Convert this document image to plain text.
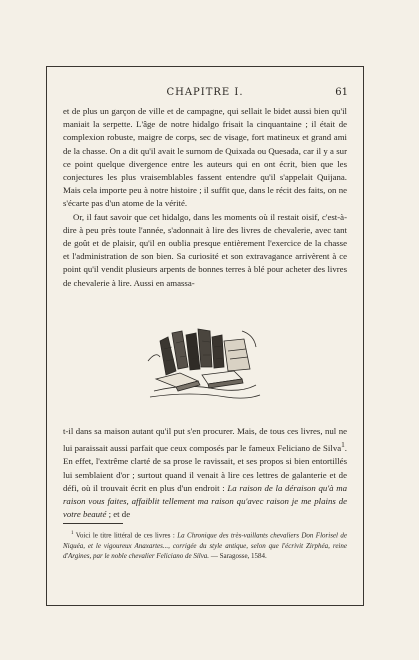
CHAPITRE I.	61

et de plus un garçon de ville et de campagne, qui sellait le bidet aussi bien qu'il maniait la serpette. L'âge de notre hidalgo frisait la cinquantaine ; il était de complexion robuste, maigre de corps, sec de visage, fort matineux et grand ami de la chasse. On a dit qu'il avait le surnom de Quixada ou Quesada, car il y a sur ce point quelque divergence entre les auteurs qui en ont écrit, bien que les conjectures les plus vraisemblables fassent entendre qu'il s'appelait Quijana. Mais cela importe peu à notre histoire ; il suffit que, dans le récit des faits, on ne s'écarte pas d'un atome de la vérité.

Or, il faut savoir que cet hidalgo, dans les moments où il restait oisif, c'est-à-dire à peu près toute l'année, s'adonnait à lire des livres de chevalerie, avec tant de goût et de plaisir, qu'il en oublia presque entièrement l'exercice de la chasse et l'administration de son bien. Sa curiosité et son extravagance arrivèrent à ce point qu'il vendit plusieurs arpents de bonnes terres à blé pour acheter des livres de chevalerie à lire. Aussi en amassa-

t-il dans sa maison autant qu'il put s'en procurer. Mais, de tous ces livres, nul ne lui paraissait aussi parfait que ceux composés par le fameux Feliciano de Silva$^1$. En effet, l'extrême clarté de sa prose le ravissait, et ses propos si bien entortillés lui semblaient d'or ; surtout quand il venait à lire ces lettres de galanterie et de défi, où il trouvait écrit en plus d'un endroit : La raison de la déraison qu'à ma raison vous faites, affaiblit tellement ma raison qu'avec raison je me plains de votre beauté ; et de

$^1$ Voici le titre littéral de ces livres : La Chronique des très-vaillants chevaliers Don Florisel de Niquéa, et le vigoureux Anaxartes..., corrigée du style antique, selon que l'écrivit Zirphéa, reine d'Argines, par le noble chevalier Feliciano de Silva. — Saragosse, 1584.
